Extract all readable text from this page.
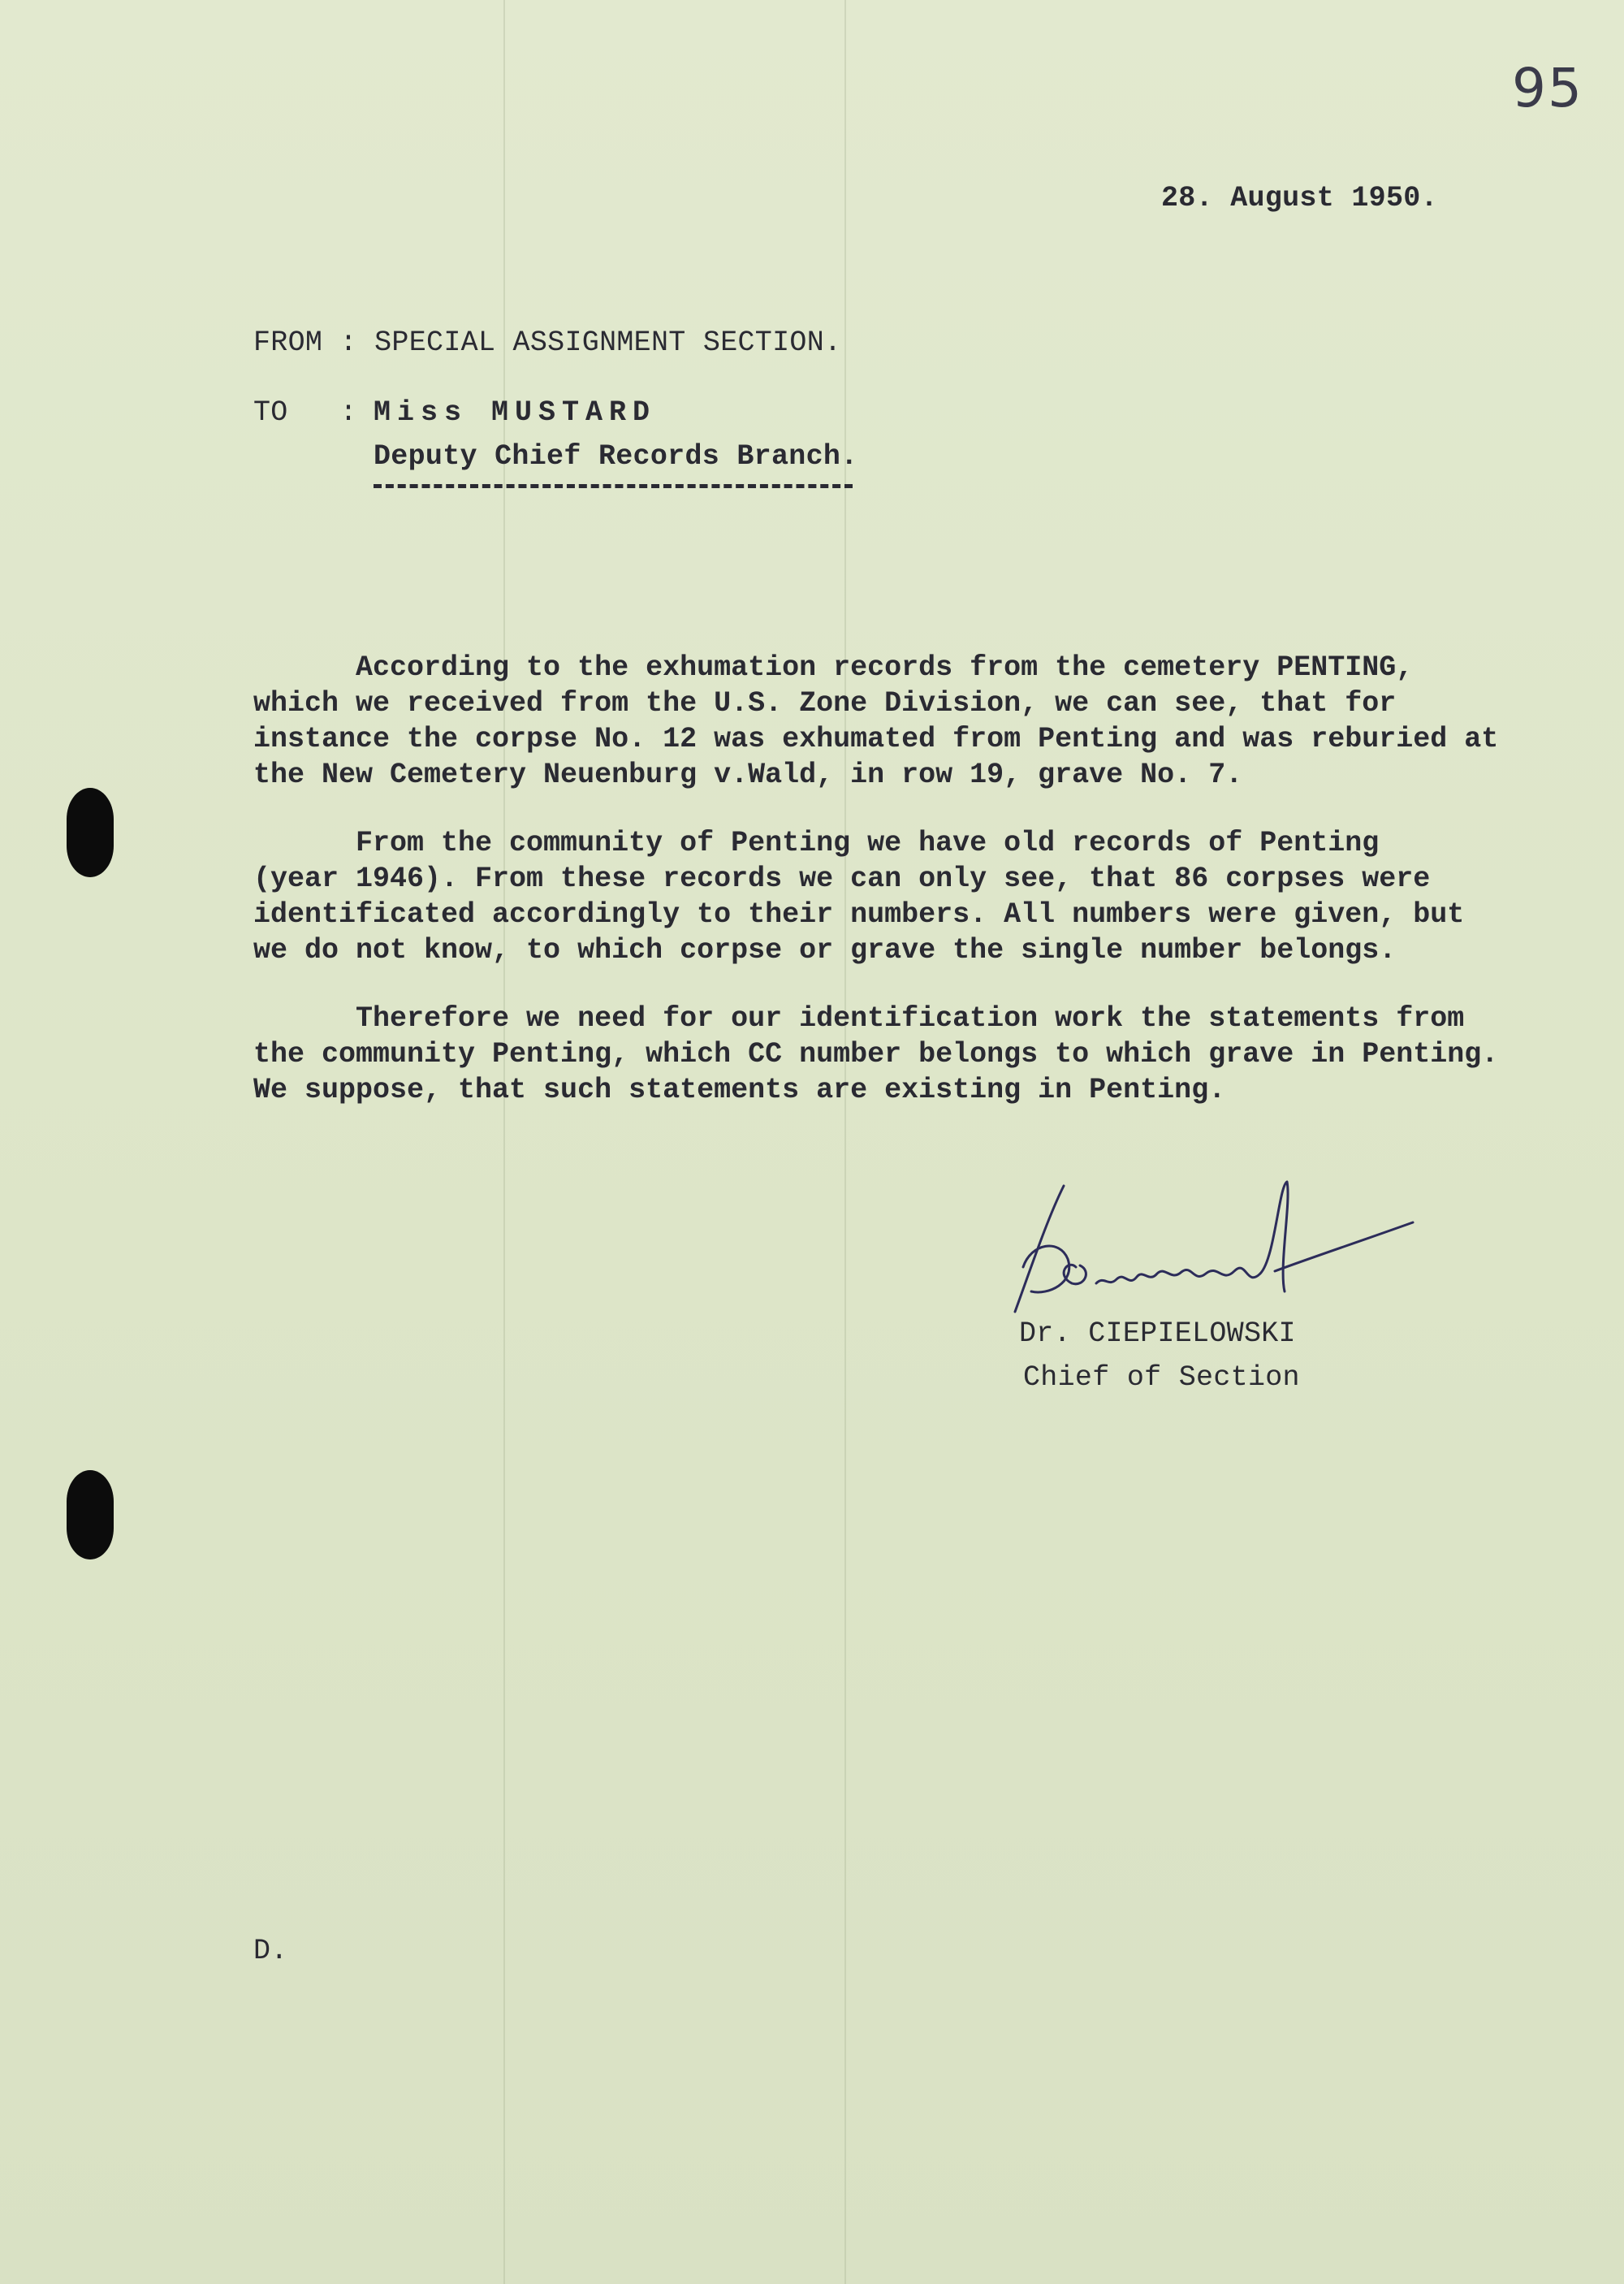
95
28. August 1950.
FROM : SPECIAL ASSIGNMENT SECTION.
TO   : Miss MUSTARD
Deputy Chief Records Branch.
According to the exhumation records from the cemetery PENTING,
which we received from the U.S. Zone Division, we can see, that for
instance the corpse No. 12 was exhumated from Penting and was reburied at
the New Cemetery Neuenburg v.Wald, in row 19, grave No. 7.
From the community of Penting we have old records of Penting
(year 1946). From these records we can only see, that 86 corpses were
identificated accordingly to their numbers. All numbers were given, but
we do not know, to which corpse or grave the single number belongs.
Therefore we need for our identification work the statements from
the community Penting, which CC number belongs to which grave in Penting.
We suppose, that such statements are existing in Penting.
Dr. CIEPIELOWSKI
Chief of Section
D.
